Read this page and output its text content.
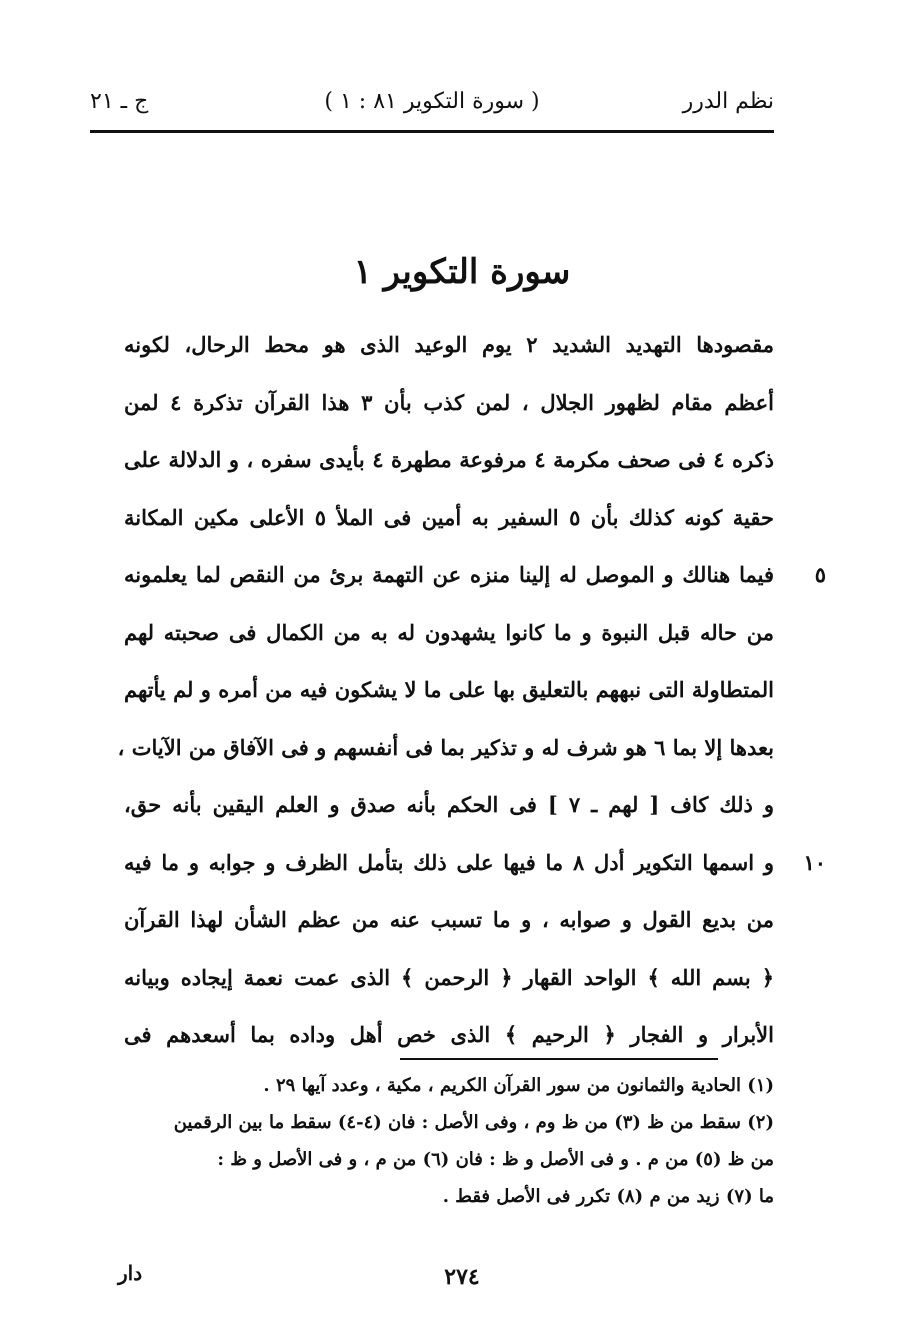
نظم الدرر
( سورة التكوير ٨١ : ١ )
ج ـ ٢١
سورة التكوير ١
مقصودها التهديد الشديد ٢ يوم الوعيد الذى هو محط الرحال، لكونه
أعظم مقام لظهور الجلال ، لمن كذب بأن ٣ هذا القرآن تذكرة ٤ لمن
ذكره ٤ فى صحف مكرمة ٤ مرفوعة مطهرة ٤ بأيدى سفره ، و الدلالة على
حقية كونه كذلك بأن ٥ السفير به أمين فى الملأ ٥ الأعلى مكين المكانة
٥
فيما هنالك و الموصل له إلينا منزه عن التهمة برئ من النقص لما يعلمونه
من حاله قبل النبوة و ما كانوا يشهدون له به من الكمال فى صحبته لهم
المتطاولة التى نبههم بالتعليق بها على ما لا يشكون فيه من أمره و لم يأتهم
بعدها إلا بما ٦ هو شرف له و تذكير بما فى أنفسهم و فى الآفاق من الآيات ،
و ذلك كاف [ لهم ـ ٧ ] فى الحكم بأنه صدق و العلم اليقين بأنه حق،
١٠
و اسمها التكوير أدل ٨ ما فيها على ذلك بتأمل الظرف و جوابه و ما فيه
من بديع القول و صوابه ، و ما تسبب عنه من عظم الشأن لهذا القرآن
﴿ بسم الله ﴾ الواحد القهار ﴿ الرحمن ﴾ الذى عمت نعمة إيجاده وبيانه
الأبرار و الفجار ﴿ الرحيم ﴾ الذى خص أهل وداده بما أسعدهم فى
(١) الحادية والثمانون من سور القرآن الكريم ، مكية ، وعدد آيها ٢٩ .
(٢) سقط من ظ (٣) من ظ وم ، وفى الأصل : فان (٤-٤) سقط ما بين الرقمين
من ظ (٥) من م . و فى الأصل و ظ : فان (٦) من م ، و فى الأصل و ظ :
ما (٧) زيد من م (٨) تكرر فى الأصل فقط .
٢٧٤
دار
